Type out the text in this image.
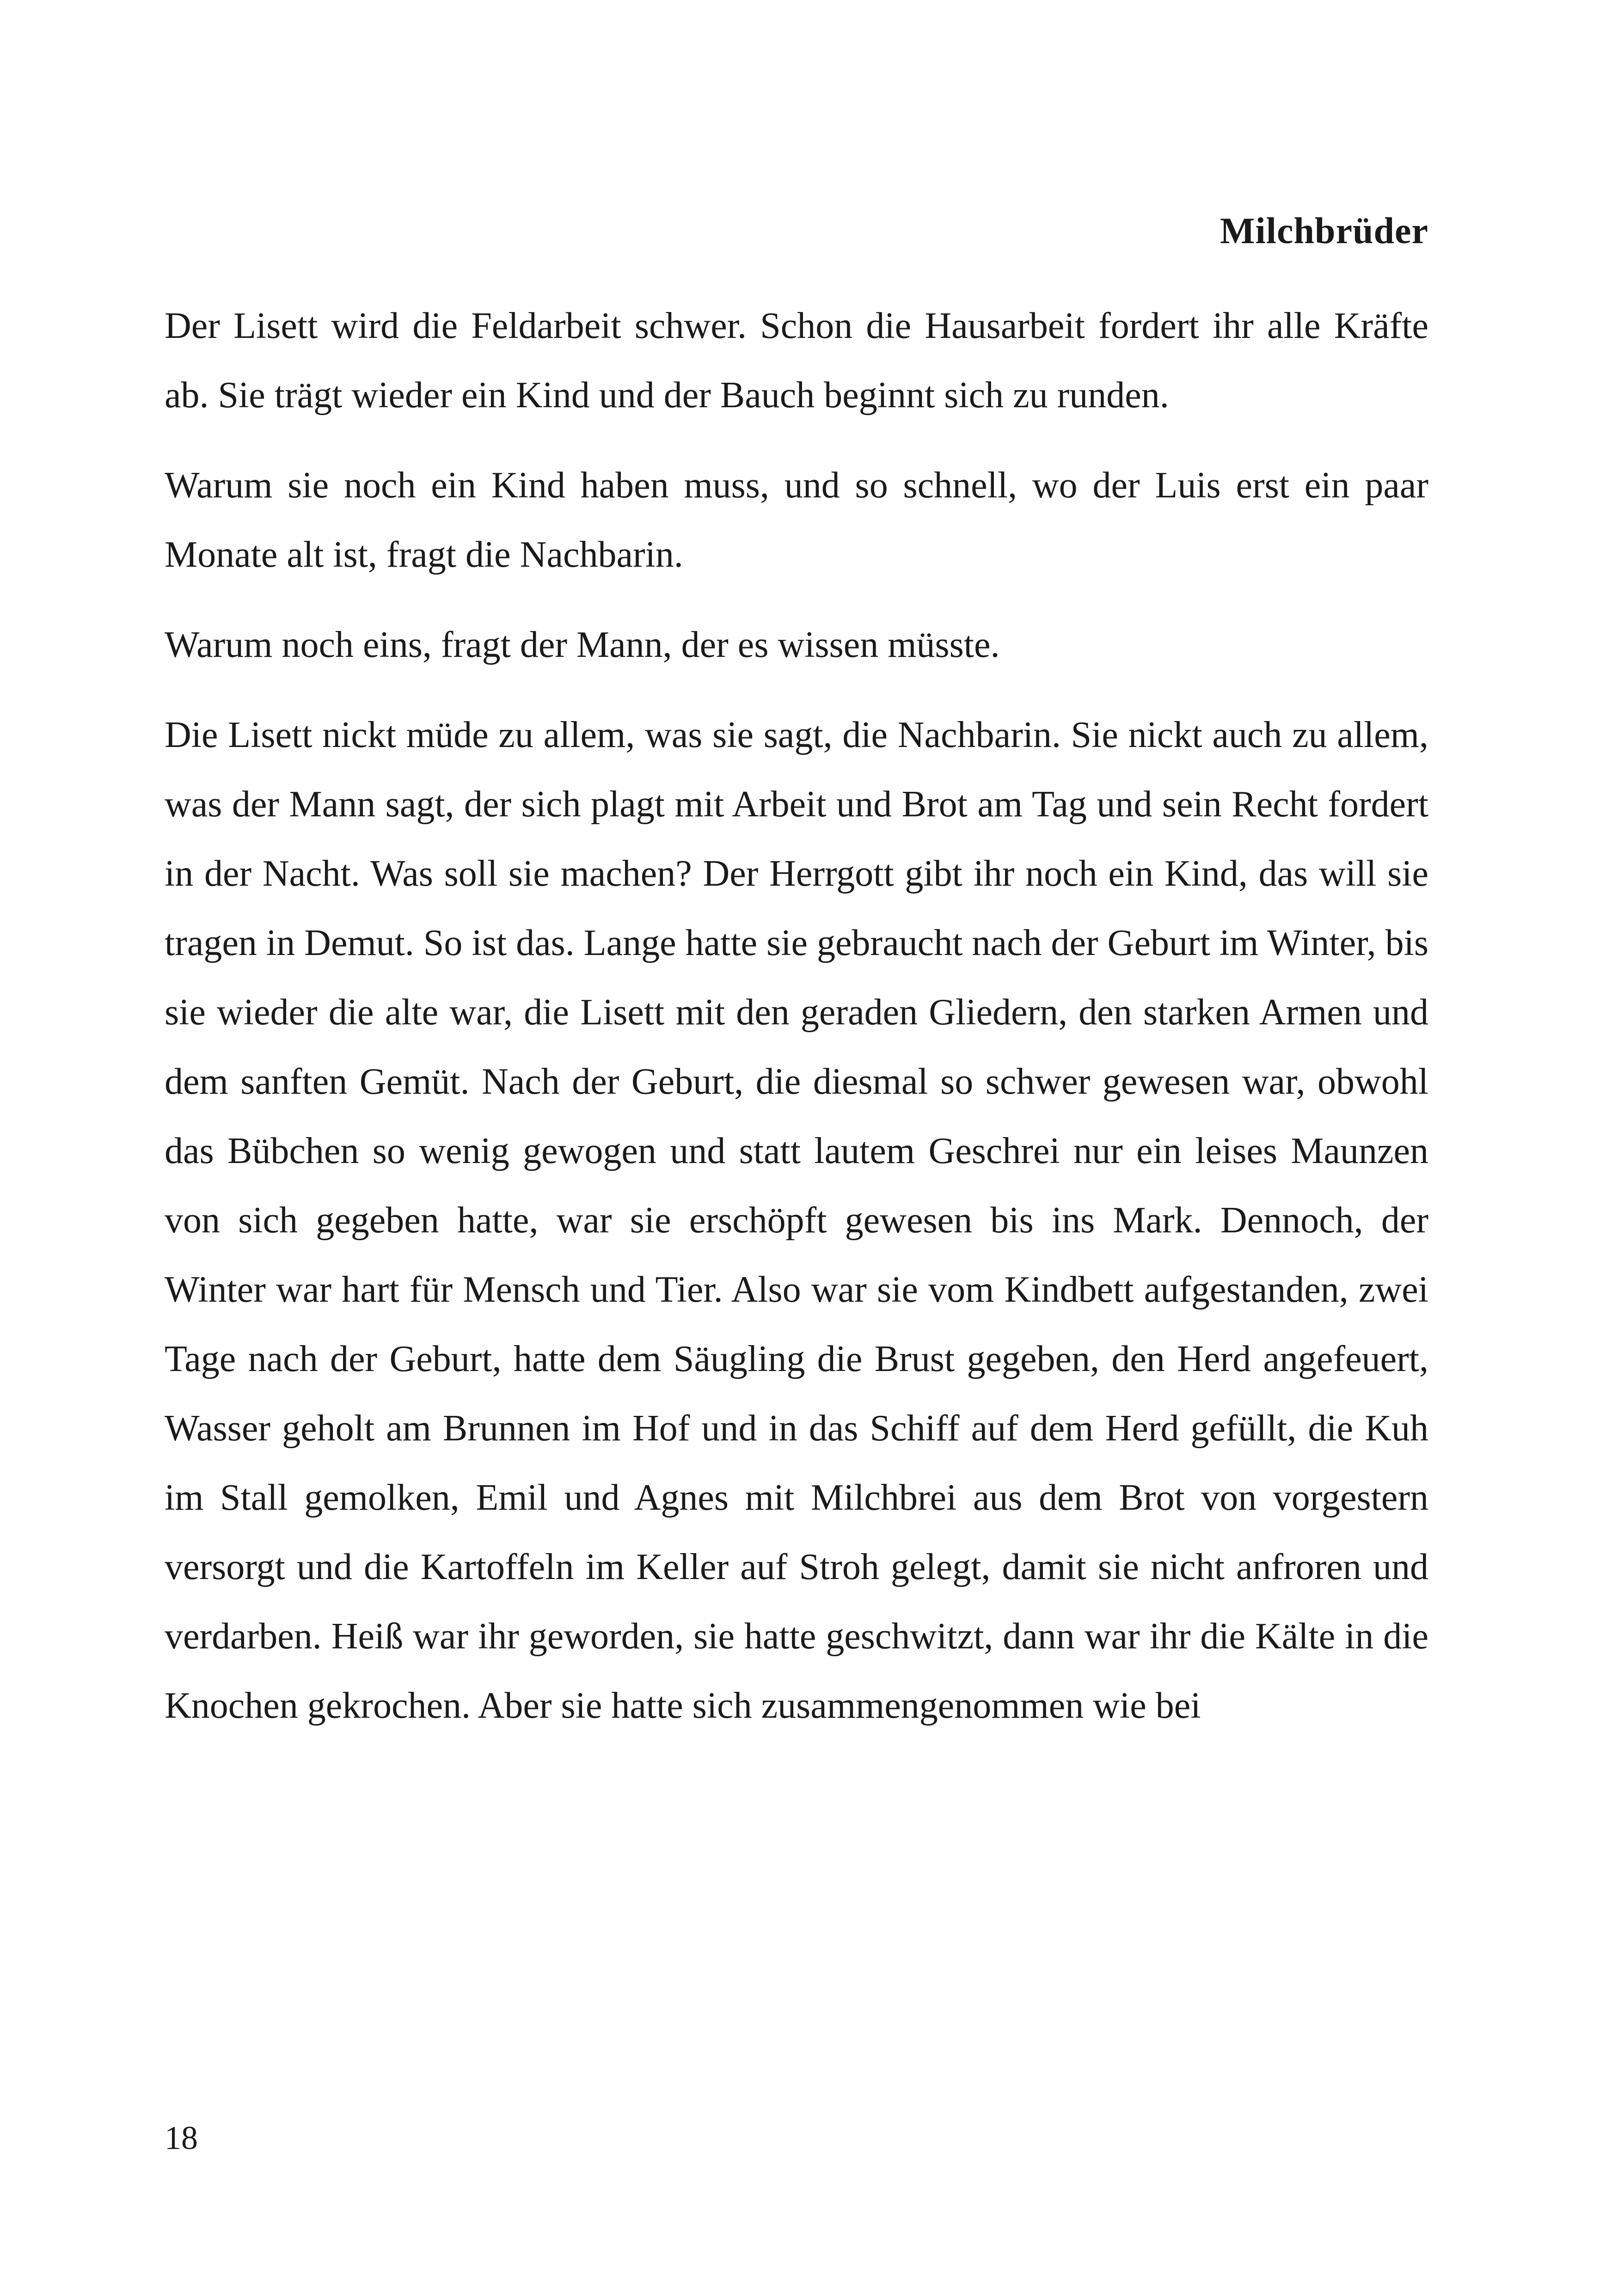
Milchbrüder

Der Lisett wird die Feldarbeit schwer. Schon die Hausarbeit fordert ihr alle Kräfte ab. Sie trägt wieder ein Kind und der Bauch beginnt sich zu runden.

Warum sie noch ein Kind haben muss, und so schnell, wo der Luis erst ein paar Monate alt ist, fragt die Nachbarin.

Warum noch eins, fragt der Mann, der es wissen müsste.

Die Lisett nickt müde zu allem, was sie sagt, die Nachbarin. Sie nickt auch zu allem, was der Mann sagt, der sich plagt mit Arbeit und Brot am Tag und sein Recht fordert in der Nacht. Was soll sie machen? Der Herrgott gibt ihr noch ein Kind, das will sie tragen in Demut. So ist das. Lange hatte sie gebraucht nach der Geburt im Winter, bis sie wieder die alte war, die Lisett mit den geraden Gliedern, den starken Armen und dem sanften Gemüt. Nach der Geburt, die diesmal so schwer gewesen war, obwohl das Bübchen so wenig gewogen und statt lautem Geschrei nur ein leises Maunzen von sich gegeben hatte, war sie erschöpft gewesen bis ins Mark. Dennoch, der Winter war hart für Mensch und Tier. Also war sie vom Kindbett aufgestanden, zwei Tage nach der Geburt, hatte dem Säugling die Brust gegeben, den Herd angefeuert, Wasser geholt am Brunnen im Hof und in das Schiff auf dem Herd gefüllt, die Kuh im Stall gemolken, Emil und Agnes mit Milchbrei aus dem Brot von vorgestern versorgt und die Kartoffeln im Keller auf Stroh gelegt, damit sie nicht anfroren und verdarben. Heiß war ihr geworden, sie hatte geschwitzt, dann war ihr die Kälte in die Knochen gekrochen. Aber sie hatte sich zusammengenommen wie bei

18
